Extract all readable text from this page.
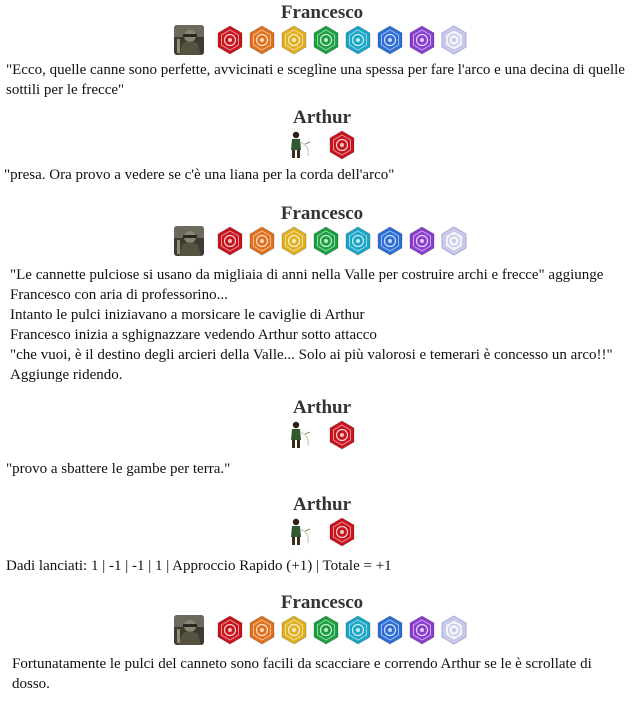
Francesco

"Ecco, quelle canne sono perfette, avvicinati e sceglìne una spessa per fare l'arco e una decina di quelle sottili per le frecce"

Arthur

"presa. Ora provo a vedere se c'è una liana per la corda dell'arco"

Francesco

"Le cannette pulciose si usano da migliaia di anni nella Valle per costruire archi e frecce" aggiunge Francesco con aria di professorino...

Intanto le pulci iniziavano a morsicare le caviglie di Arthur

Francesco inizia a sghignazzare vedendo Arthur sotto attacco

"che vuoi, è il destino degli arcieri della Valle... Solo ai più valorosi e temerari è concesso un arco!!" Aggiunge ridendo.

Arthur

"provo a sbattere le gambe per terra."

Arthur

Dadi lanciati: 1 | -1 | -1 | 1 | Approccio Rapido (+1) | Totale = +1

Francesco

Fortunatamente le pulci del canneto sono facili da scacciare e correndo Arthur se le è scrollate di dosso.
